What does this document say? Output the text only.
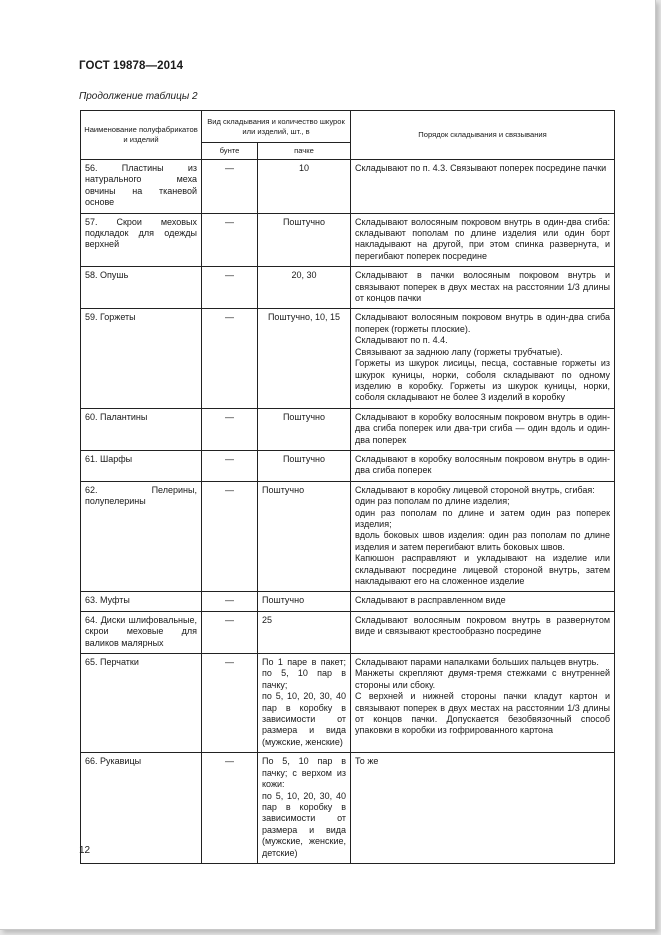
ГОСТ 19878—2014
Продолжение таблицы 2
Наименование полуфабрикатов и изделий	Вид складывания и количество шкурок или изделий, шт., в		Порядок складывания и связывания
	бунте	пачке	
56. Пластины из натурального меха овчины на тканевой основе	—	10	Складывают по п. 4.3. Связывают поперек посредине пачки
57. Скрои меховых подкладок для одежды верхней	—	Поштучно	Складывают волосяным покровом внутрь в один-два сгиба: складывают пополам по длине изделия или один борт накладывают на другой, при этом спинка развернута, и перегибают поперек посредине
58. Опушь	—	20, 30	Складывают в пачки волосяным покровом внутрь и связывают поперек в двух местах на расстоянии 1/3 длины от концов пачки
59. Горжеты	—	Поштучно, 10, 15	Складывают волосяным покровом внутрь в один-два сгиба поперек (горжеты плоские).
Складывают по п. 4.4.
Связывают за заднюю лапу (горжеты трубчатые).
Горжеты из шкурок лисицы, песца, составные горжеты из шкурок куницы, норки, соболя складывают по одному изделию в коробку. Горжеты из шкурок куницы, норки, соболя складывают не более 3 изделий в коробку
60. Палантины	—	Поштучно	Складывают в коробку волосяным покровом внутрь в один-два сгиба поперек или два-три сгиба — один вдоль и один-два поперек
61. Шарфы	—	Поштучно	Складывают в коробку волосяным покровом внутрь в один-два сгиба поперек
62. Пелерины, полупелерины	—	Поштучно	Складывают в коробку лицевой стороной внутрь, сгибая:
один раз пополам по длине изделия;
один раз пополам по длине и затем один раз поперек изделия;
вдоль боковых швов изделия: один раз пополам по длине изделия и затем перегибают влить боковых швов.
Капюшон расправляют и укладывают на изделие или складывают посредине лицевой стороной внутрь, затем накладывают его на сложенное изделие
63. Муфты	—	Поштучно	Складывают в расправленном виде
64. Диски шлифовальные, скрои меховые для валиков малярных	—	25	Складывают волосяным покровом внутрь в развернутом виде и связывают крестообразно посредине
65. Перчатки	—	По 1 паре в пакет; по 5, 10 пар в пачку;
по 5, 10, 20, 30, 40 пар в коробку в зависимости от размера и вида (мужские, женские)	Складывают парами напалками больших пальцев внутрь.
Манжеты скрепляют двумя-тремя стежками с внутренней стороны или сбоку.
С верхней и нижней стороны пачки кладут картон и связывают поперек в двух местах на расстоянии 1/3 длины от концов пачки. Допускается безобвязочный способ упаковки в коробки из гофрированного картона
66. Рукавицы	—	По 5, 10 пар в пачку; с верхом из кожи:
по 5, 10, 20, 30, 40 пар в коробку в зависимости от размера и вида (мужские, женские, детские)	То же
12
